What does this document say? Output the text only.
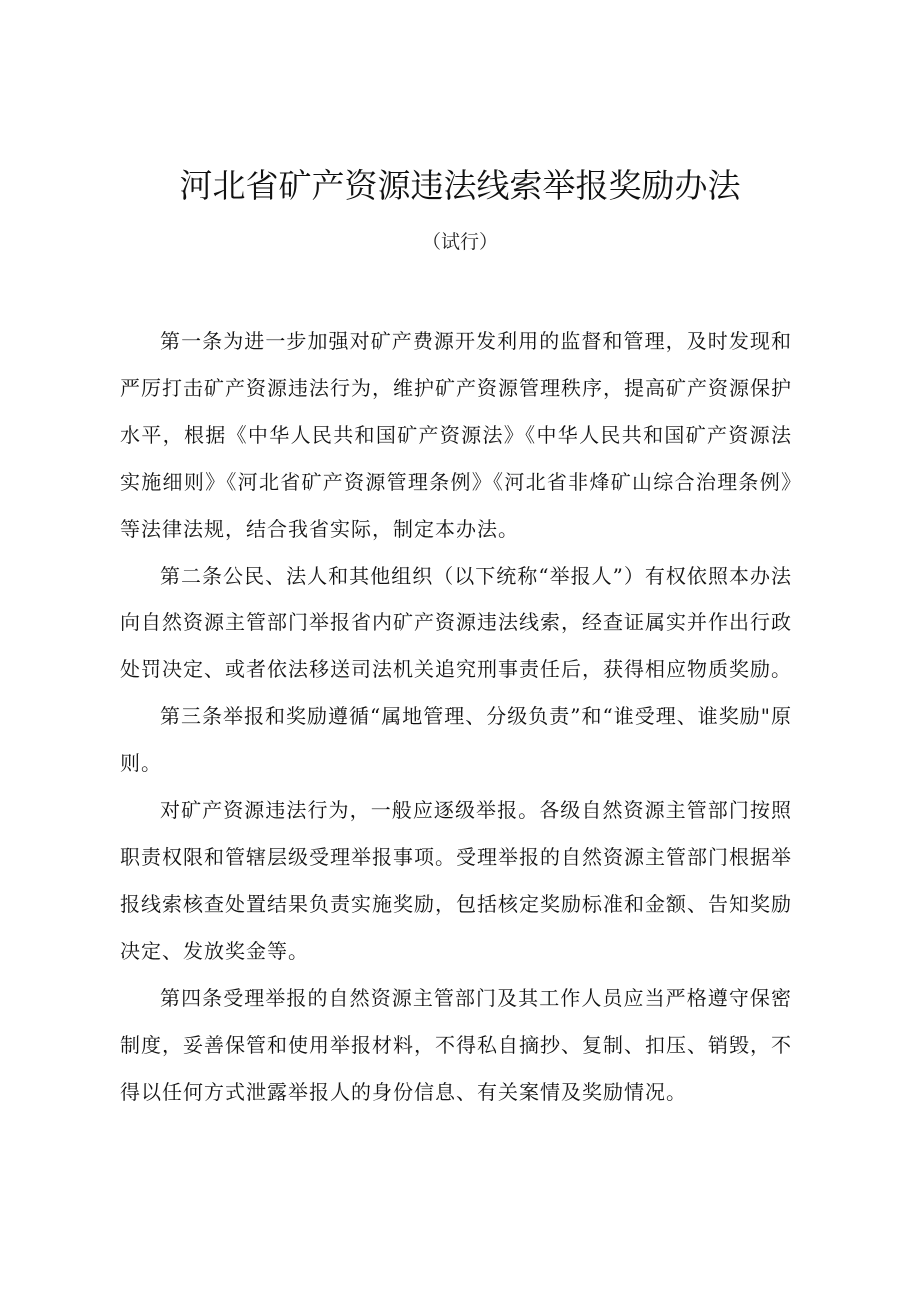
河北省矿产资源违法线索举报奖励办法
（试行）

第一条为进一步加强对矿产费源开发利用的监督和管理，及时发现和严厉打击矿产资源违法行为，维护矿产资源管理秩序，提高矿产资源保护水平，根据《中华人民共和国矿产资源法》《中华人民共和国矿产资源法实施细则》《河北省矿产资源管理条例》《河北省非烽矿山综合治理条例》等法律法规，结合我省实际，制定本办法。

第二条公民、法人和其他组织（以下统称“举报人”）有权依照本办法向自然资源主管部门举报省内矿产资源违法线索，经查证属实并作出行政处罚决定、或者依法移送司法机关追究刑事责任后，获得相应物质奖励。

第三条举报和奖励遵循“属地管理、分级负责”和“谁受理、谁奖励"原则。

对矿产资源违法行为，一般应逐级举报。各级自然资源主管部门按照职责权限和管辖层级受理举报事项。受理举报的自然资源主管部门根据举报线索核查处置结果负责实施奖励，包括核定奖励标准和金额、告知奖励决定、发放奖金等。

第四条受理举报的自然资源主管部门及其工作人员应当严格遵守保密制度，妥善保管和使用举报材料，不得私自摘抄、复制、扣压、销毁，不得以任何方式泄露举报人的身份信息、有关案情及奖励情况。
